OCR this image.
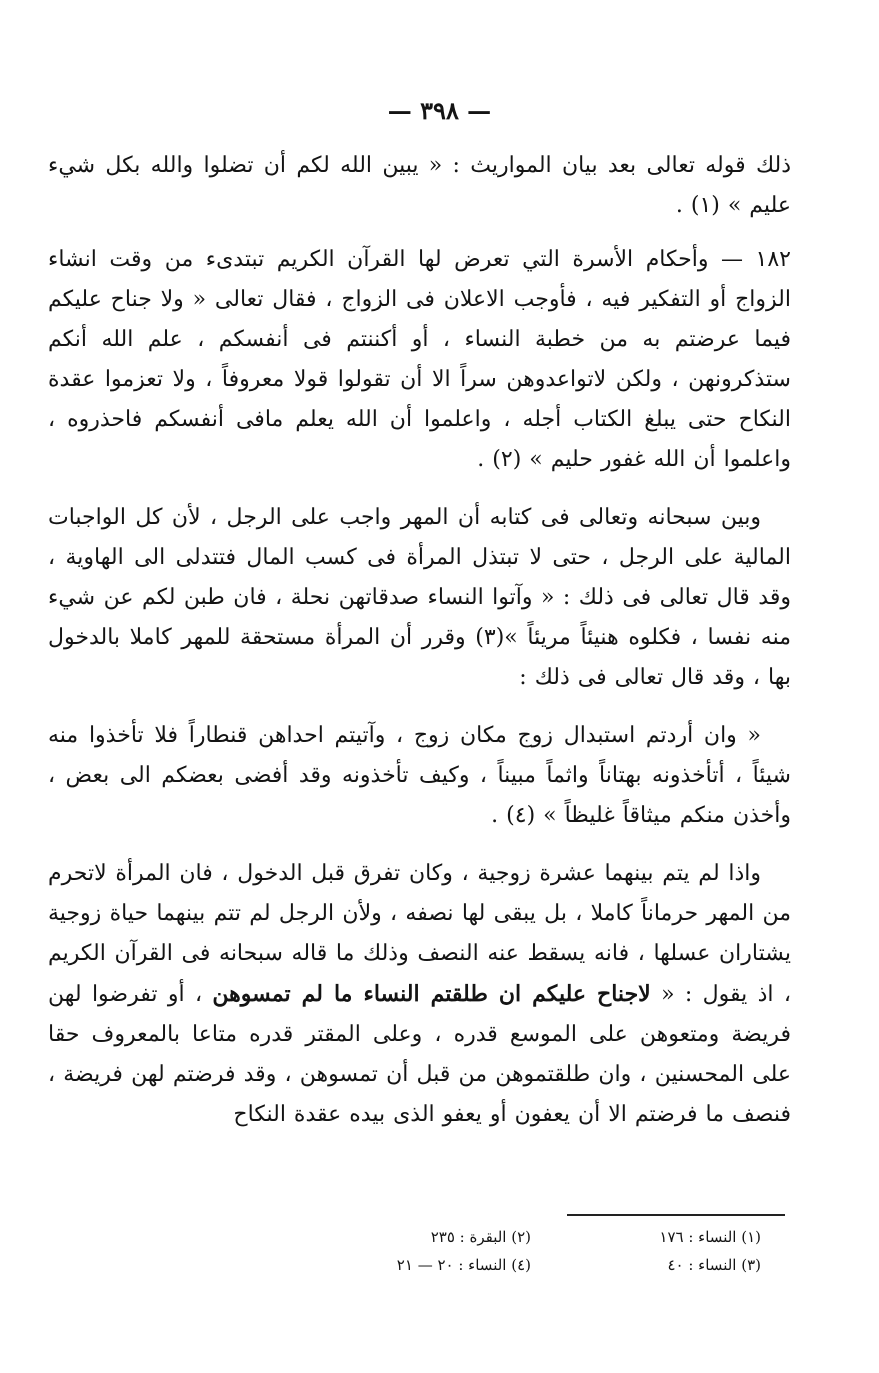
— ٣٩٨ —

ذلك قوله تعالى بعد بيان المواريث : « يبين الله لكم أن تضلوا والله بكل شيء عليم » (١) .

١٨٢ — وأحكام الأسرة التي تعرض لها القرآن الكريم تبتدىء من وقت انشاء الزواج أو التفكير فيه ، فأوجب الاعلان فى الزواج ، فقال تعالى « ولا جناح عليكم فيما عرضتم به من خطبة النساء ، أو أكننتم فى أنفسكم ، علم الله أنكم ستذكرونهن ، ولكن لاتواعدوهن سراً الا أن تقولوا قولا معروفاً ، ولا تعزموا عقدة النكاح حتى يبلغ الكتاب أجله ، واعلموا أن الله يعلم مافى أنفسكم فاحذروه ، واعلموا أن الله غفور حليم » (٢) .

وبين سبحانه وتعالى فى كتابه أن المهر واجب على الرجل ، لأن كل الواجبات المالية على الرجل ، حتى لا تبتذل المرأة فى كسب المال فتتدلى الى الهاوية ، وقد قال تعالى فى ذلك : « وآتوا النساء صدقاتهن نحلة ، فان طبن لكم عن شيء منه نفسا ، فكلوه هنيئاً مريئاً »(٣) وقرر أن المرأة مستحقة للمهر كاملا بالدخول بها ، وقد قال تعالى فى ذلك :

« وان أردتم استبدال زوج مكان زوج ، وآتيتم احداهن قنطاراً فلا تأخذوا منه شيئاً ، أتأخذونه بهتاناً واثماً مبيناً ، وكيف تأخذونه وقد أفضى بعضكم الى بعض ، وأخذن منكم ميثاقاً غليظاً » (٤) .

واذا لم يتم بينهما عشرة زوجية ، وكان تفرق قبل الدخول ، فان المرأة لاتحرم من المهر حرماناً كاملا ، بل يبقى لها نصفه ، ولأن الرجل لم تتم بينهما حياة زوجية يشتاران عسلها ، فانه يسقط عنه النصف وذلك ما قاله سبحانه فى القرآن الكريم ، اذ يقول : « لاجناح عليكم ان طلقتم النساء ما لم تمسوهن ، أو تفرضوا لهن فريضة ومتعوهن على الموسع قدره ، وعلى المقتر قدره متاعا بالمعروف حقا على المحسنين ، وان طلقتموهن من قبل أن تمسوهن ، وقد فرضتم لهن فريضة ، فنصف ما فرضتم الا أن يعفون أو يعفو الذى بيده عقدة النكاح

(١) النساء : ١٧٦
(٢) البقرة : ٢٣٥
(٣) النساء : ٤٠
(٤) النساء : ٢٠ — ٢١
